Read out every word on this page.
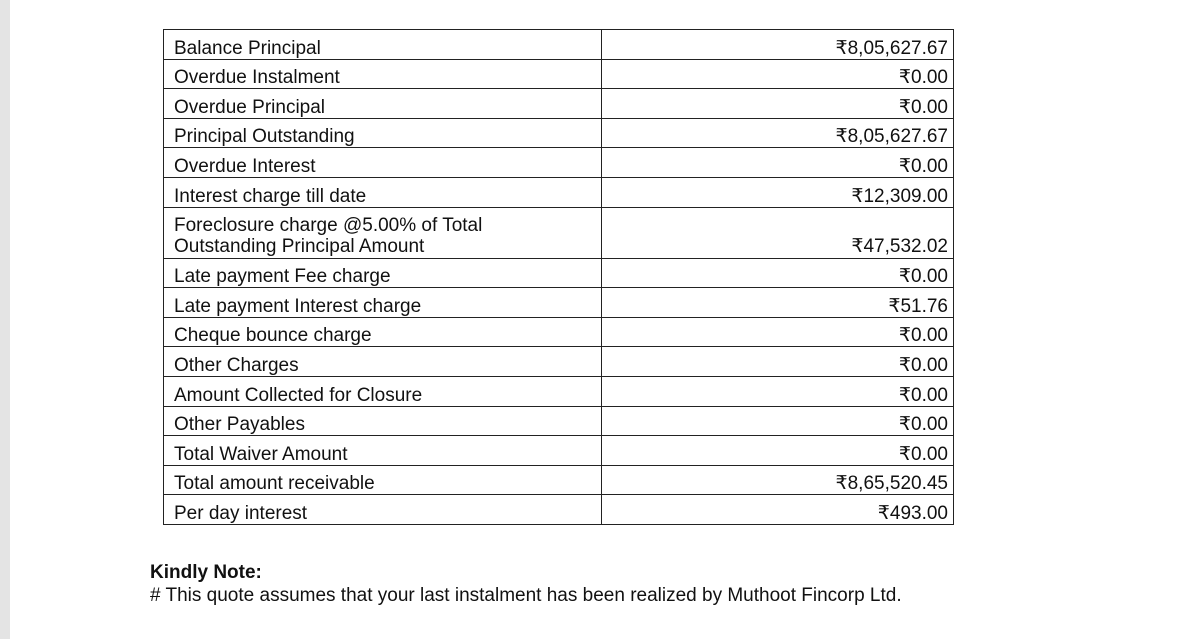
Balance Principal	₹8,05,627.67
Overdue Instalment	₹0.00
Overdue Principal	₹0.00
Principal Outstanding	₹8,05,627.67
Overdue Interest	₹0.00
Interest charge till date	₹12,309.00
Foreclosure charge @5.00% of Total
Outstanding Principal Amount	₹47,532.02
Late payment Fee charge	₹0.00
Late payment Interest charge	₹51.76
Cheque bounce charge	₹0.00
Other Charges	₹0.00
Amount Collected for Closure	₹0.00
Other Payables	₹0.00
Total Waiver Amount	₹0.00
Total amount receivable	₹8,65,520.45
Per day interest	₹493.00
Kindly Note:
# This quote assumes that your last instalment has been realized by Muthoot Fincorp Ltd.
